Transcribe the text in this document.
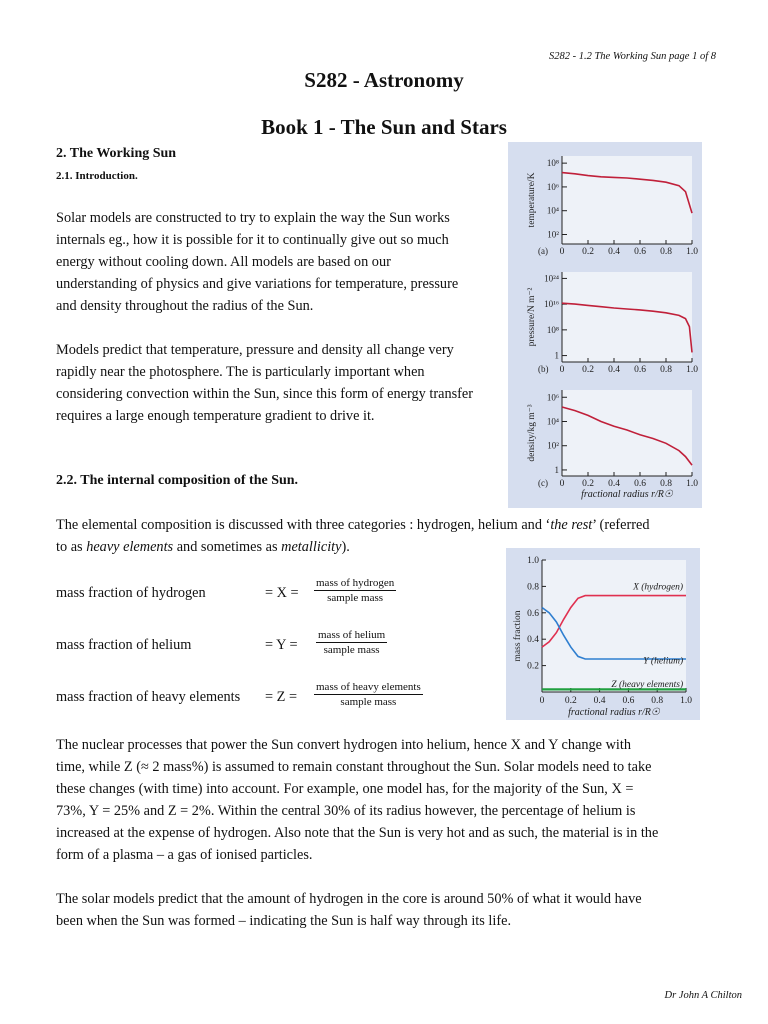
S282 - 1.2 The Working Sun page 1 of 8
S282 - Astronomy
Book 1 - The Sun and Stars
2. The Working Sun
2.1. Introduction.
Solar models are constructed to try to explain the way the Sun works
internals eg., how it is possible for it to continually give out so much
energy without cooling down. All models are based on our
understanding of physics and give variations for temperature, pressure
and density throughout the radius of the Sun.
Models predict that temperature, pressure and density all change very
rapidly near the photosphere. The is particularly important when
considering convection within the Sun, since this form of energy transfer
requires a large enough temperature gradient to drive it.
2.2. The internal composition of the Sun.
The elemental composition is discussed with three categories : hydrogen, helium and ‘the rest’ (referred
to as heavy elements and sometimes as metallicity).
mass fraction of hydrogen	= X =
mass of hydrogen
sample mass
mass fraction of helium	= Y =
mass of helium
sample mass
mass fraction of heavy elements = Z =
mass of heavy elements
sample mass
10²
10⁴
10⁶
10⁸
0 0.2 0.4 0.6 0.8 1.0
(a)
temperature/K
1
10⁸
10¹⁶
10²⁴
0 0.2 0.4 0.6 0.8 1.0
(b)
pressure/N m⁻²
1
10²
10⁴
10⁶
0 0.2 0.4 0.6 0.8 1.0
(c)
density/kg m⁻³
fractional radius r/R☉
0.2
0.4
0.6
0.8
1.0
0 0.2 0.4 0.6 0.8 1.0
mass fraction
fractional radius r/R☉
X (hydrogen)
Y (helium)
Z (heavy elements)
The nuclear processes that power the Sun convert hydrogen into helium, hence X and Y change with
time, while Z (≈ 2 mass%) is assumed to remain constant throughout the Sun. Solar models need to take
these changes (with time) into account. For example, one model has, for the majority of the Sun, X =
73%, Y = 25% and Z = 2%. Within the central 30% of its radius however, the percentage of helium is
increased at the expense of hydrogen. Also note that the Sun is very hot and as such, the material is in the
form of a plasma – a gas of ionised particles.
The solar models predict that the amount of hydrogen in the core is around 50% of what it would have
been when the Sun was formed – indicating the Sun is half way through its life.
Dr John A Chilton
